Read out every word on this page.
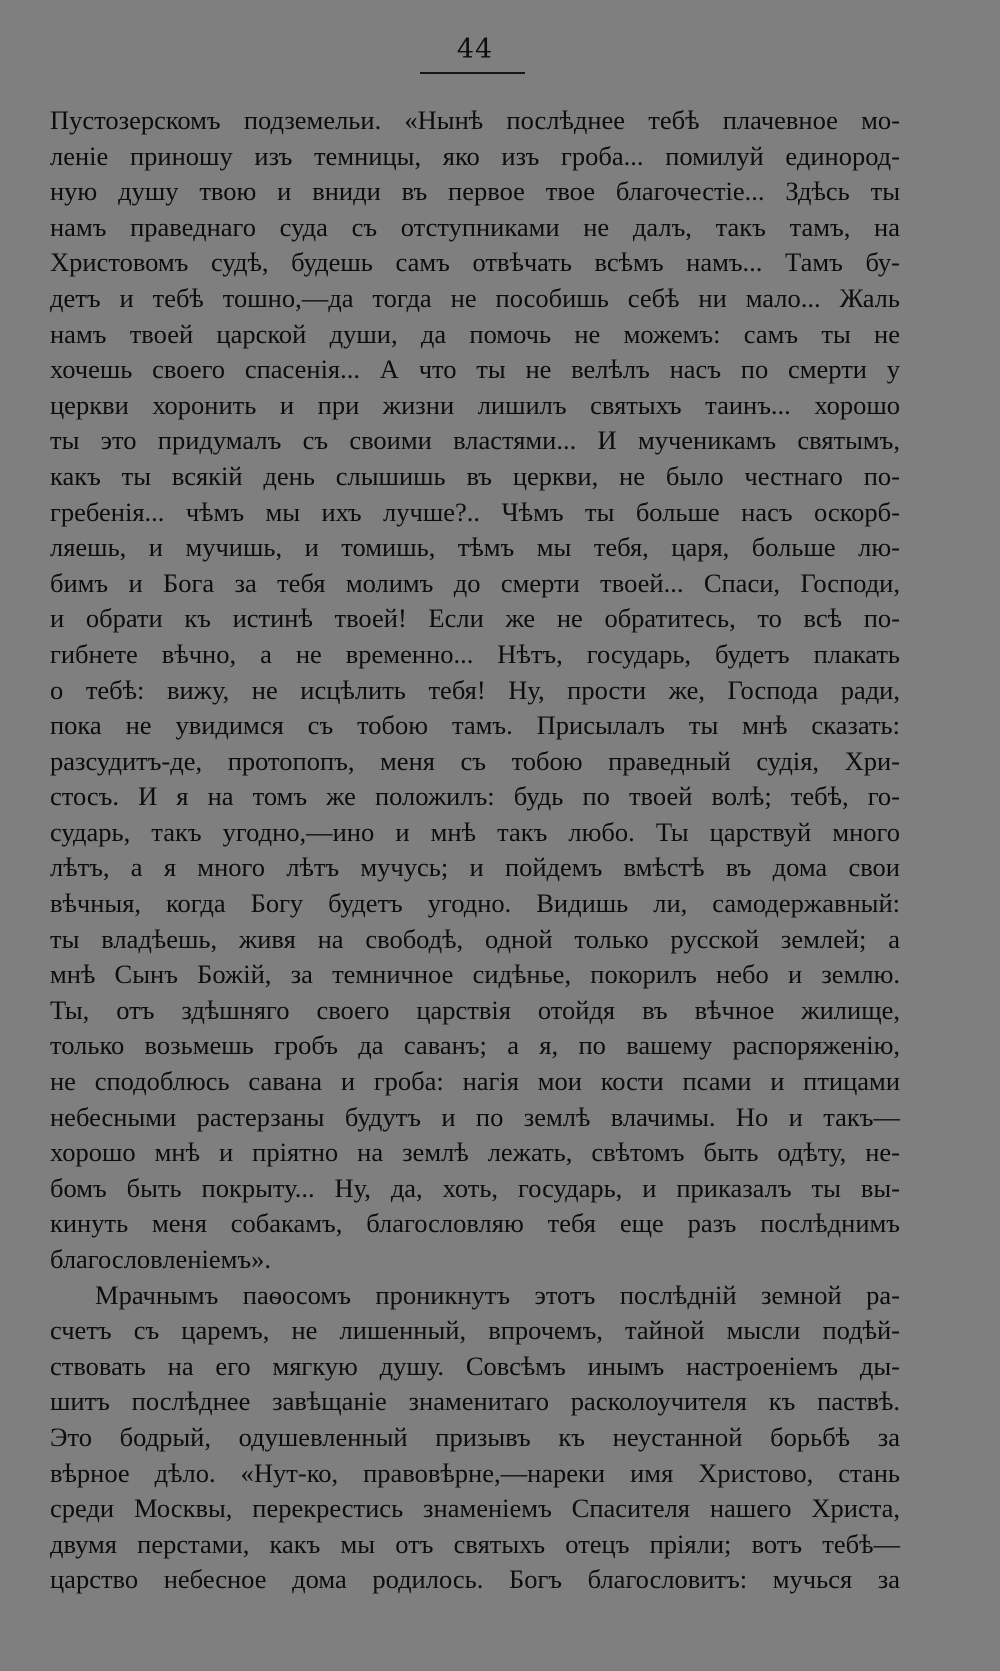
44

Пустозерскомъ подземельи. «Нынѣ послѣднее тебѣ плачевное мо-
ленiе приношу изъ темницы, яко изъ гроба... помилуй единород-
ную душу твою и вниди въ первое твое благочестiе... Здѣсь ты
намъ праведнаго суда съ отступниками не далъ, такъ тамъ, на
Христовомъ судѣ, будешь самъ отвѣчать всѣмъ намъ... Тамъ бу-
детъ и тебѣ тошно,—да тогда не пособишь себѣ ни мало... Жаль
намъ твоей царской души, да помочь не можемъ: самъ ты не
хочешь своего спасенiя... А что ты не велѣлъ насъ по смерти у
церкви хоронить и при жизни лишилъ святыхъ таинъ... хорошо
ты это придумалъ съ своими властями... И мученикамъ святымъ,
какъ ты всякiй день слышишь въ церкви, не было честнаго по-
гребенiя... чѣмъ мы ихъ лучше?.. Чѣмъ ты больше насъ оскорб-
ляешь, и мучишь, и томишь, тѣмъ мы тебя, царя, больше лю-
бимъ и Бога за тебя молимъ до смерти твоей... Спаси, Господи,
и обрати къ истинѣ твоей! Если же не обратитесь, то всѣ по-
гибнете вѣчно, а не временно... Нѣтъ, государь, будетъ плакать
о тебѣ: вижу, не исцѣлить тебя! Ну, прости же, Господа ради,
пока не увидимся съ тобою тамъ. Присылалъ ты мнѣ сказать:
разсудитъ-де, протопопъ, меня съ тобою праведный судiя, Хри-
стосъ. И я на томъ же положилъ: будь по твоей волѣ; тебѣ, го-
сударь, такъ угодно,—ино и мнѣ такъ любо. Ты царствуй много
лѣтъ, а я много лѣтъ мучусь; и пойдемъ вмѣстѣ въ дома свои
вѣчныя, когда Богу будетъ угодно. Видишь ли, самодержавный:
ты владѣешь, живя на свободѣ, одной только русской землей; а
мнѣ Сынъ Божiй, за темничное сидѣнье, покорилъ небо и землю.
Ты, отъ здѣшняго своего царствiя отойдя въ вѣчное жилище,
только возьмешь гробъ да саванъ; а я, по вашему распоряженiю,
не сподоблюсь савана и гроба: нагiя мои кости псами и птицами
небесными растерзаны будутъ и по землѣ влачимы. Но и такъ—
хорошо мнѣ и прiятно на землѣ лежать, свѣтомъ быть одѣту, не-
бомъ быть покрыту... Ну, да, хоть, государь, и приказалъ ты вы-
кинуть меня собакамъ, благословляю тебя еще разъ послѣднимъ
благословленiемъ».

Мрачнымъ паѳосомъ проникнутъ этотъ послѣднiй земной ра-
счетъ съ царемъ, не лишенный, впрочемъ, тайной мысли подѣй-
ствовать на его мягкую душу. Совсѣмъ инымъ настроенiемъ ды-
шитъ послѣднее завѣщанiе знаменитаго расколоучителя къ паствѣ.
Это бодрый, одушевленный призывъ къ неустанной борьбѣ за
вѣрное дѣло. «Нут-ко, правовѣрне,—нареки имя Христово, стань
среди Москвы, перекрестись знаменiемъ Спасителя нашего Христа,
двумя перстами, какъ мы отъ святыхъ отецъ прiяли; вотъ тебѣ—
царство небесное дома родилось. Богъ благословитъ: мучься за
